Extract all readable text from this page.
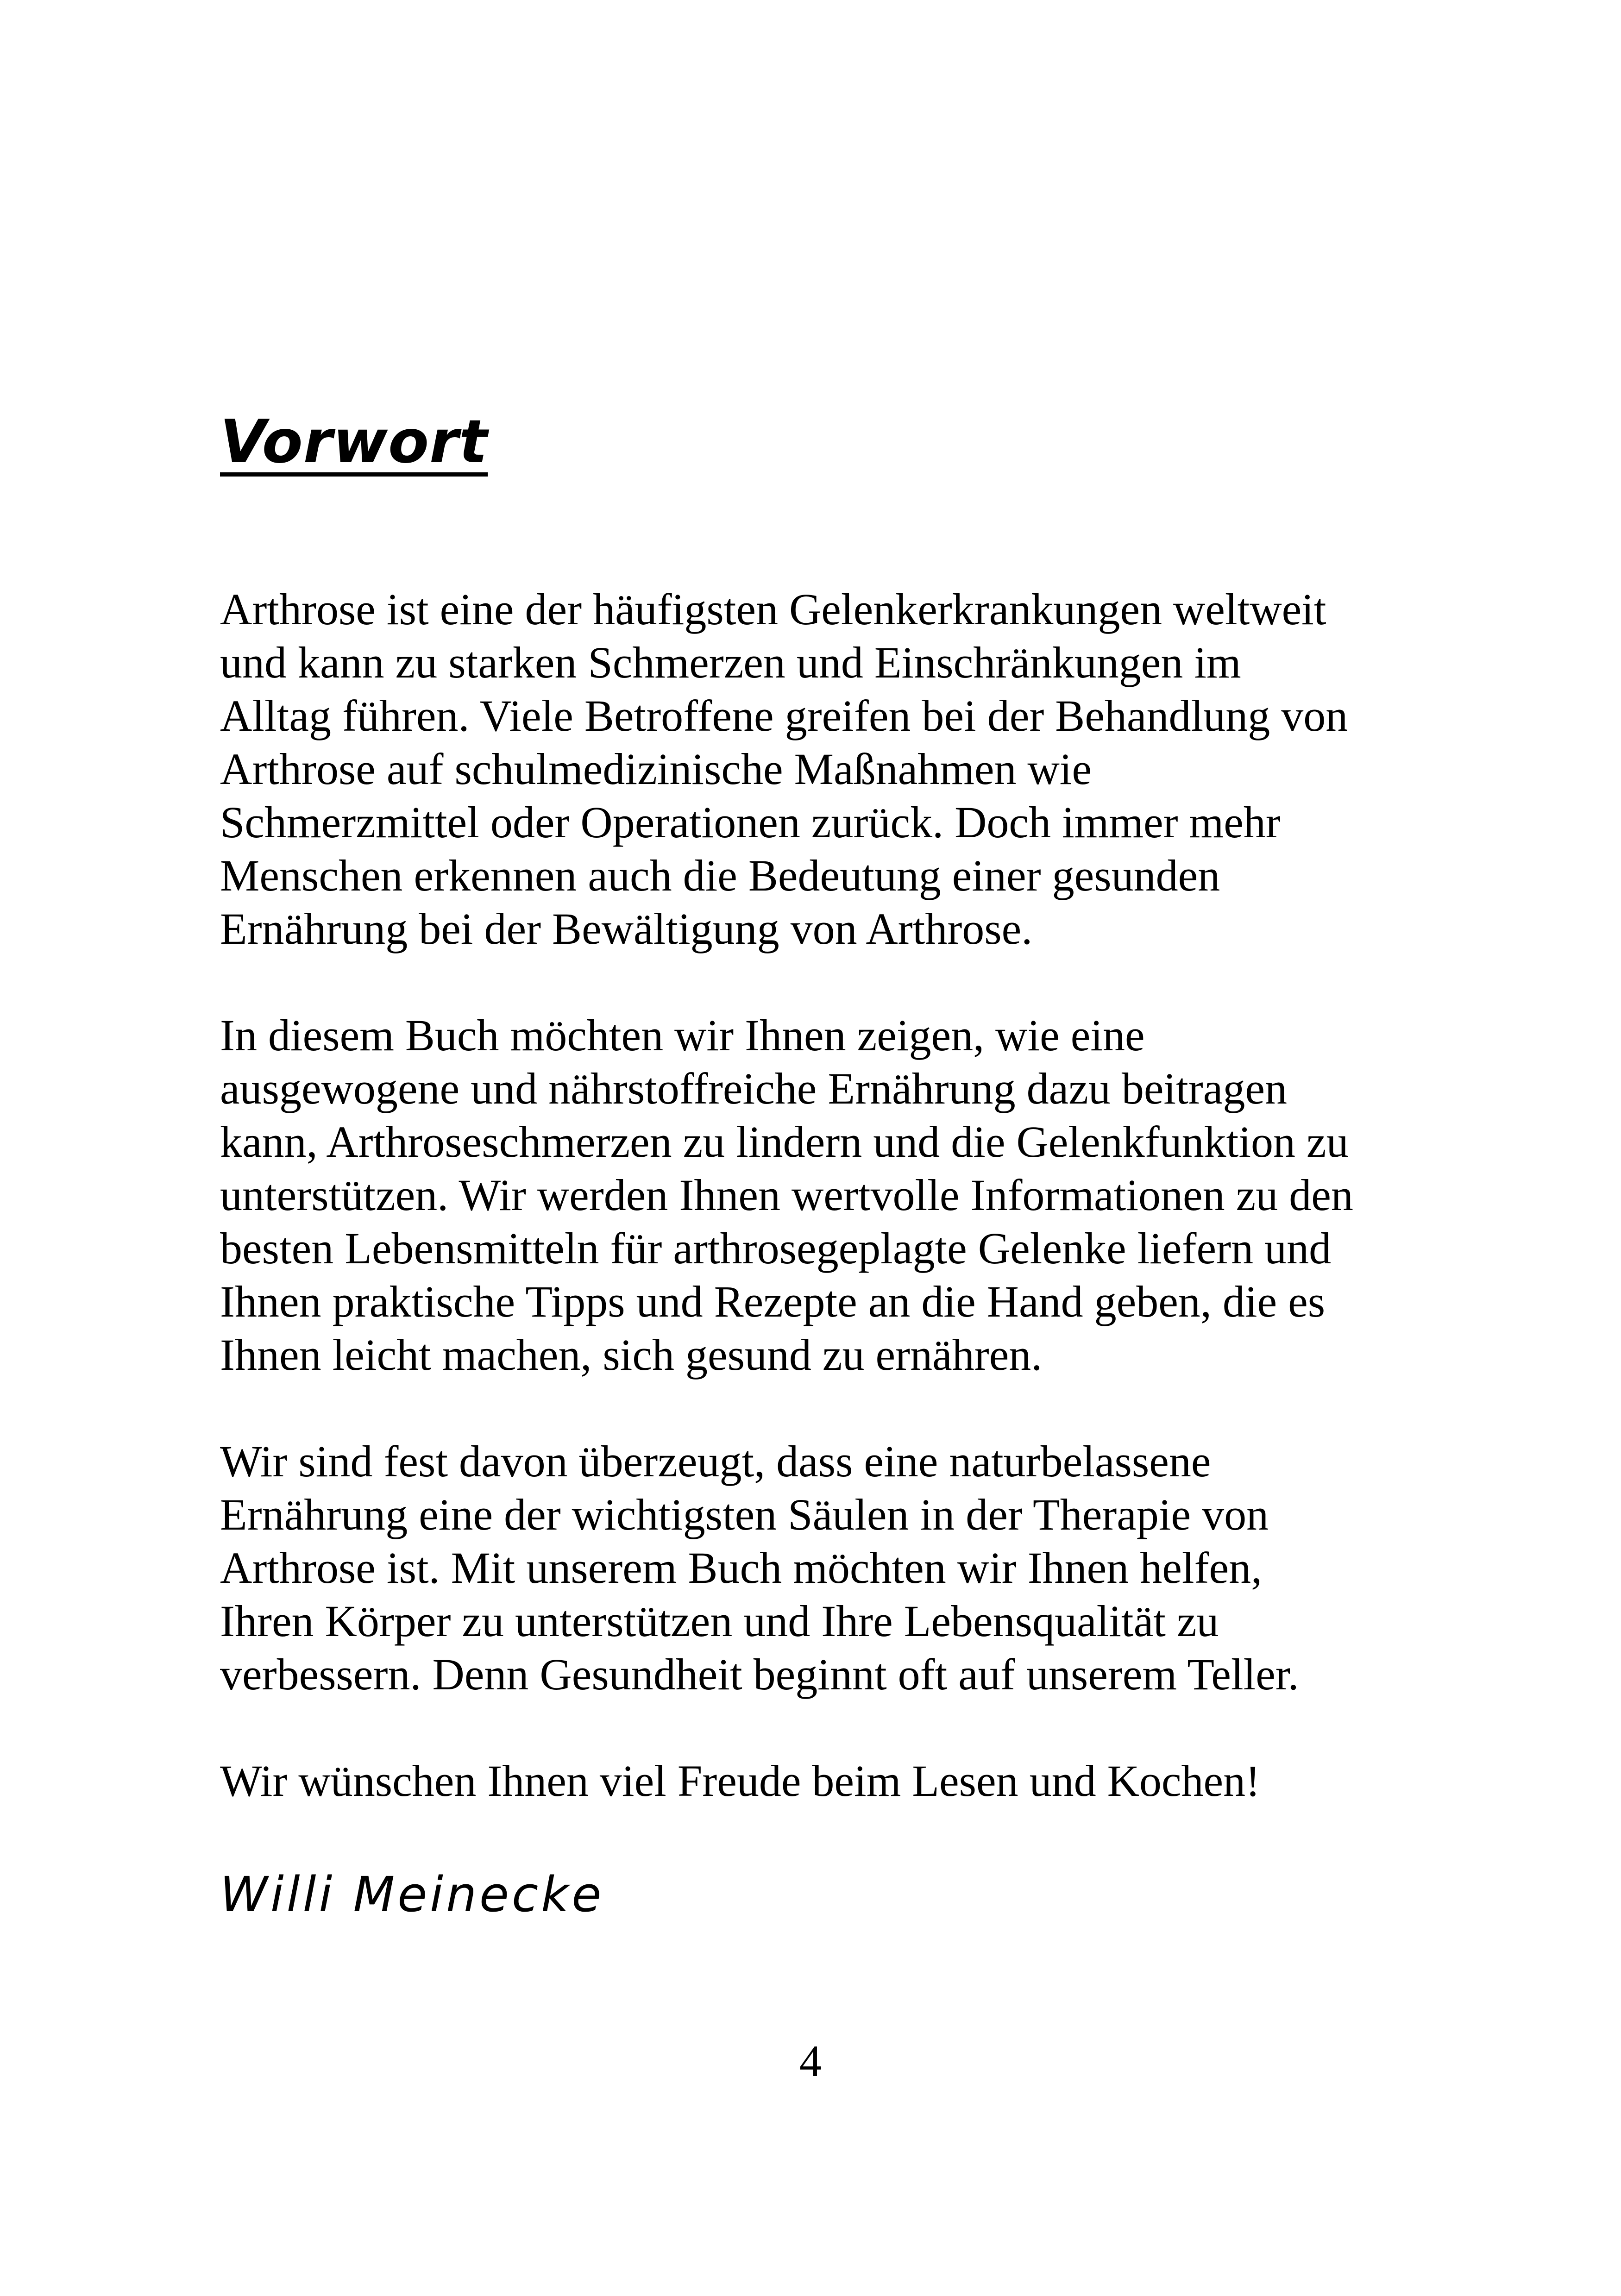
Vorwort

Arthrose ist eine der häufigsten Gelenkerkrankungen weltweit
und kann zu starken Schmerzen und Einschränkungen im
Alltag führen. Viele Betroffene greifen bei der Behandlung von
Arthrose auf schulmedizinische Maßnahmen wie
Schmerzmittel oder Operationen zurück. Doch immer mehr
Menschen erkennen auch die Bedeutung einer gesunden
Ernährung bei der Bewältigung von Arthrose.

In diesem Buch möchten wir Ihnen zeigen, wie eine
ausgewogene und nährstoffreiche Ernährung dazu beitragen
kann, Arthroseschmerzen zu lindern und die Gelenkfunktion zu
unterstützen. Wir werden Ihnen wertvolle Informationen zu den
besten Lebensmitteln für arthrosegeplagte Gelenke liefern und
Ihnen praktische Tipps und Rezepte an die Hand geben, die es
Ihnen leicht machen, sich gesund zu ernähren.

Wir sind fest davon überzeugt, dass eine naturbelassene
Ernährung eine der wichtigsten Säulen in der Therapie von
Arthrose ist. Mit unserem Buch möchten wir Ihnen helfen,
Ihren Körper zu unterstützen und Ihre Lebensqualität zu
verbessern. Denn Gesundheit beginnt oft auf unserem Teller.

Wir wünschen Ihnen viel Freude beim Lesen und Kochen!

Willi Meinecke
4
